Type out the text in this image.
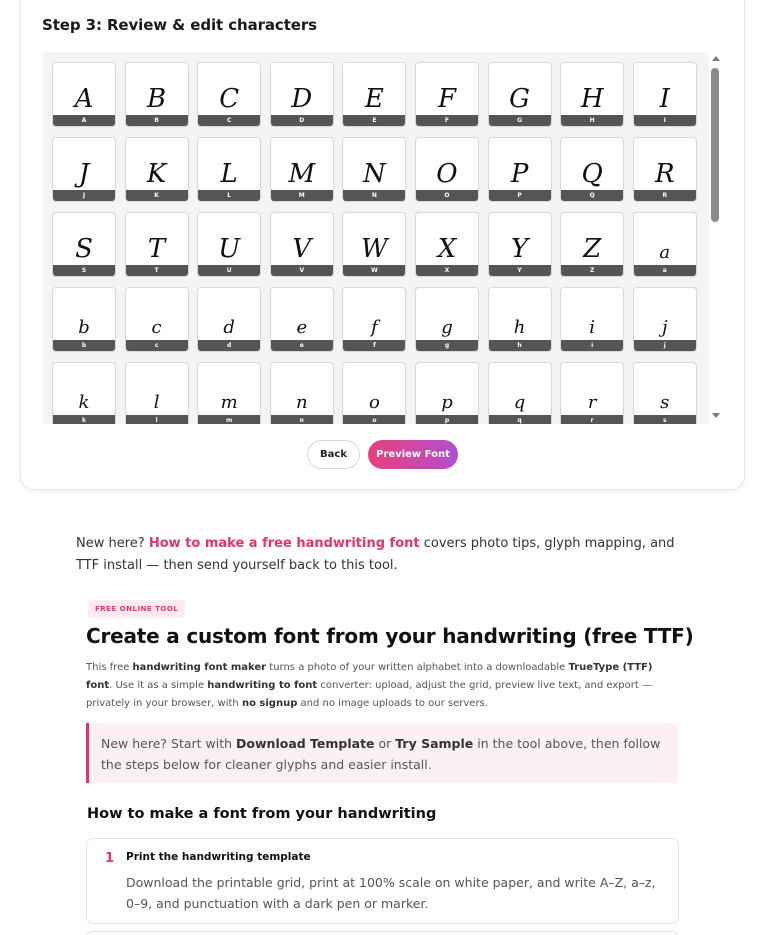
Step 3: Review & edit characters
A
A
B
B
C
C
D
D
E
E
F
F
G
G
H
H
I
I
J
J
K
K
L
L
M
M
N
N
O
O
P
P
Q
Q
R
R
S
S
T
T
U
U
V
V
W
W
X
X
Y
Y
Z
Z
a
a
b
b
c
c
d
d
e
e
f
f
g
g
h
h
i
i
j
j
k
k
l
l
m
m
n
n
o
o
p
p
q
q
r
r
s
s
Back	Preview Font

New here? How to make a free handwriting font covers photo tips, glyph mapping, and TTF install — then send yourself back to this tool.

FREE ONLINE TOOL
Create a custom font from your handwriting (free TTF)

This free handwriting font maker turns a photo of your written alphabet into a downloadable TrueType (TTF) font. Use it as a simple handwriting to font converter: upload, adjust the grid, preview live text, and export — privately in your browser, with no signup and no image uploads to our servers.

New here? Start with Download Template or Try Sample in the tool above, then follow the steps below for cleaner glyphs and easier install.
How to make a font from your handwriting
1 Print the handwriting template

Download the printable grid, print at 100% scale on white paper, and write A–Z, a–z, 0–9, and punctuation with a dark pen or marker.
